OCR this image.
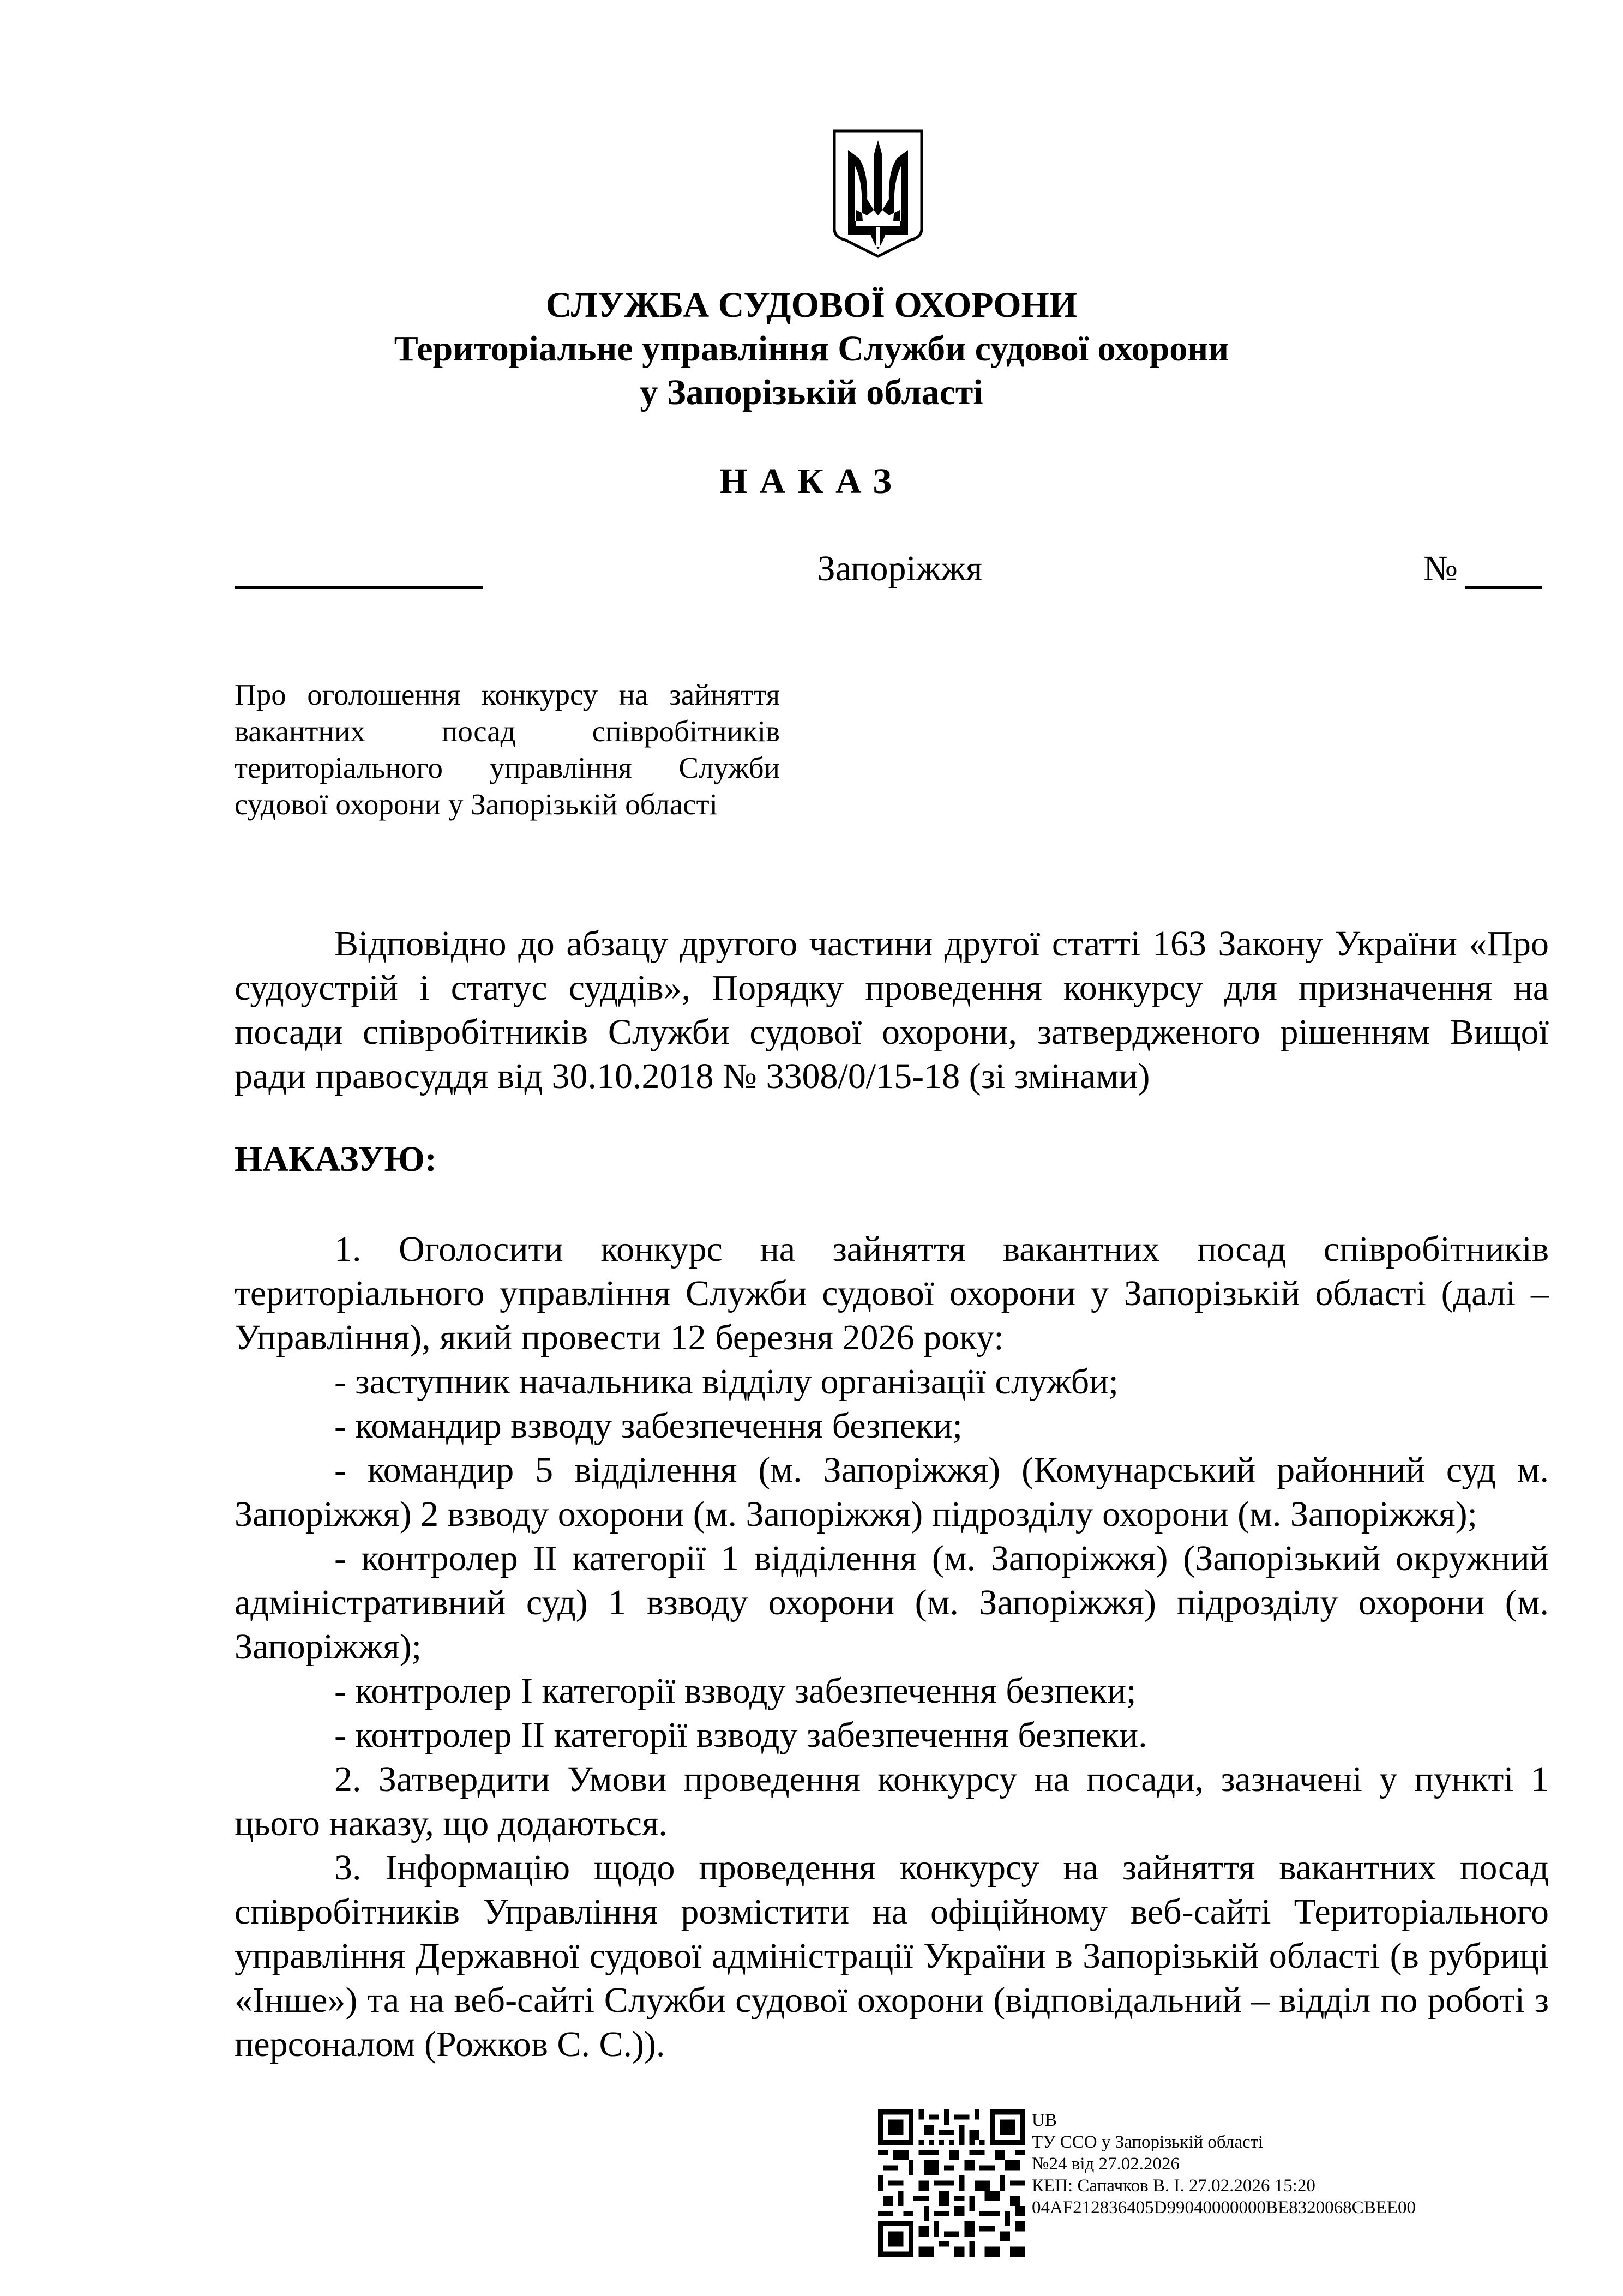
СЛУЖБА СУДОВОЇ ОХОРОНИ
Територіальне управління Служби судової охорони
у Запорізькій області
НАКАЗ
Запоріжжя	№
Про оголошення конкурсу на зайняття вакантних посад співробітників територіального управління Служби судової охорони у Запорізькій області

Відповідно до абзацу другого частини другої статті 163 Закону України «Про судоустрій і статус суддів», Порядку проведення конкурсу для призначення на посади співробітників Служби судової охорони, затвердженого рішенням Вищої ради правосуддя від 30.10.2018 № 3308/0/15-18 (зі змінами)

НАКАЗУЮ:

1. Оголосити конкурс на зайняття вакантних посад співробітників територіального управління Служби судової охорони у Запорізькій області (далі – Управління), який провести 12 березня 2026 року:

- заступник начальника відділу організації служби;

- командир взводу забезпечення безпеки;

- командир 5 відділення (м. Запоріжжя) (Комунарський районний суд м. Запоріжжя) 2 взводу охорони (м. Запоріжжя) підрозділу охорони (м. Запоріжжя);

- контролер ІІ категорії 1 відділення (м. Запоріжжя) (Запорізький окружний адміністративний суд) 1 взводу охорони (м. Запоріжжя) підрозділу охорони (м. Запоріжжя);

- контролер І категорії взводу забезпечення безпеки;

- контролер ІІ категорії взводу забезпечення безпеки.

2. Затвердити Умови проведення конкурсу на посади, зазначені у пункті 1 цього наказу, що додаються.

3. Інформацію щодо проведення конкурсу на зайняття вакантних посад співробітників Управління розмістити на офіційному веб-сайті Територіального управління Державної судової адміністрації України в Запорізькій області (в рубриці «Інше») та на веб-сайті Служби судової охорони (відповідальний – відділ по роботі з персоналом (Рожков С. С.)).

UB
ТУ ССО у Запорізькій області
№24 від 27.02.2026
КЕП: Сапачков В. І. 27.02.2026 15:20
04AF212836405D99040000000BE8320068CBEE00
